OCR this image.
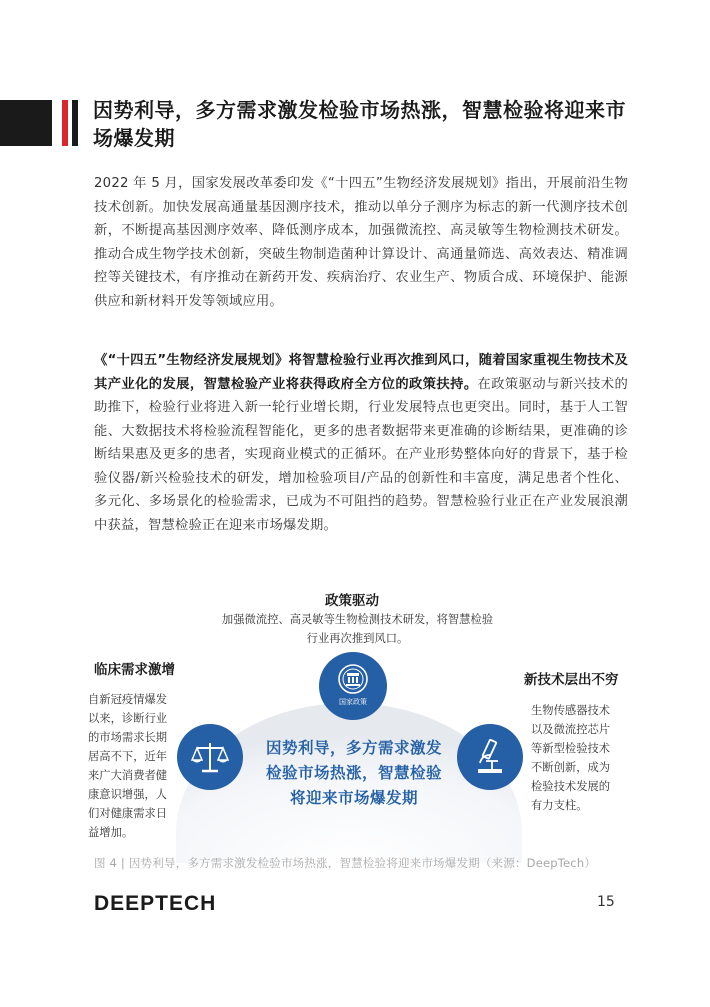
因势利导，多方需求激发检验市场热涨，智慧检验将迎来市场爆发期
2022 年 5 月，国家发展改革委印发《“十四五”生物经济发展规划》指出，开展前沿生物技术创新。加快发展高通量基因测序技术，推动以单分子测序为标志的新一代测序技术创新，不断提高基因测序效率、降低测序成本，加强微流控、高灵敏等生物检测技术研发。推动合成生物学技术创新，突破生物制造菌种计算设计、高通量筛选、高效表达、精准调控等关键技术，有序推动在新药开发、疾病治疗、农业生产、物质合成、环境保护、能源供应和新材料开发等领域应用。
《“十四五”生物经济发展规划》将智慧检验行业再次推到风口，随着国家重视生物技术及其产业化的发展，智慧检验产业将获得政府全方位的政策扶持。在政策驱动与新兴技术的助推下，检验行业将进入新一轮行业增长期，行业发展特点也更突出。同时，基于人工智能、大数据技术将检验流程智能化，更多的患者数据带来更准确的诊断结果，更准确的诊断结果惠及更多的患者，实现商业模式的正循环。在产业形势整体向好的背景下，基于检验仪器/新兴检验技术的研发，增加检验项目/产品的创新性和丰富度，满足患者个性化、多元化、多场景化的检验需求，已成为不可阻挡的趋势。智慧检验行业正在产业发展浪潮中获益，智慧检验正在迎来市场爆发期。
政策驱动
加强微流控、高灵敏等生物检测技术研发，将智慧检验
行业再次推到风口。
国家政策
因势利导，多方需求激发
检验市场热涨，智慧检验
将迎来市场爆发期
临床需求激增
自新冠疫情爆发
以来，诊断行业
的市场需求长期
居高不下，近年
来广大消费者健
康意识增强，人
们对健康需求日
益增加。
新技术层出不穷
生物传感器技术
以及微流控芯片
等新型检验技术
不断创新，成为
检验技术发展的
有力支柱。
图 4 | 因势利导，多方需求激发检验市场热涨，智慧检验将迎来市场爆发期（来源：DeepTech）
DEEPTECH	15
